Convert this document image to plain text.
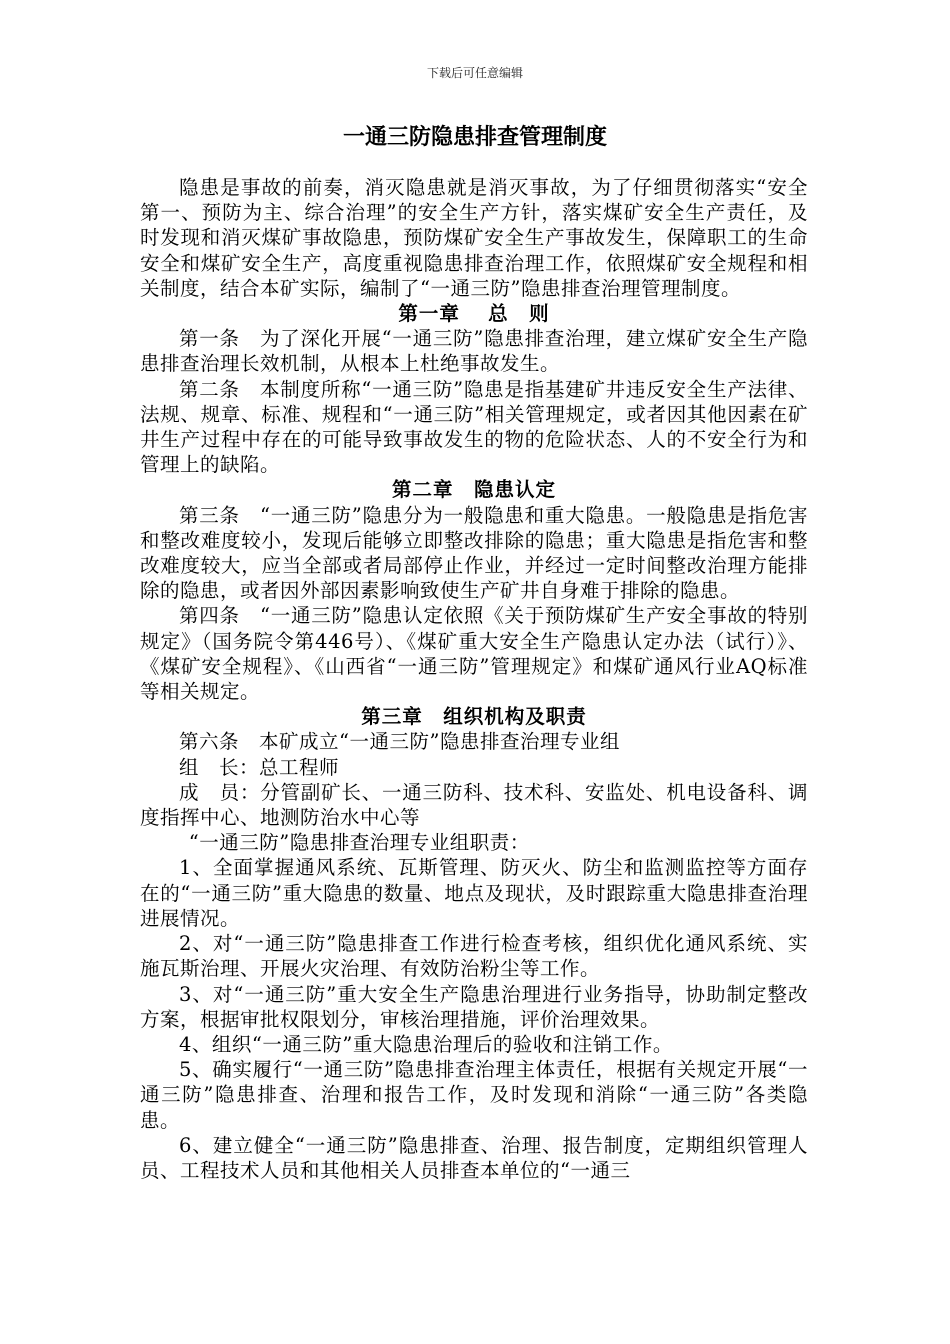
下载后可任意编辑
一通三防隐患排查管理制度

隐患是事故的前奏，消灭隐患就是消灭事故，为了仔细贯彻落实“安全第一、预防为主、综合治理”的安全生产方针，落实煤矿安全生产责任，及时发现和消灭煤矿事故隐患，预防煤矿安全生产事故发生，保障职工的生命安全和煤矿安全生产，高度重视隐患排查治理工作，依照煤矿安全规程和相关制度，结合本矿实际，编制了“一通三防”隐患排查治理管理制度。

第一章　 总　则

第一条　为了深化开展“一通三防”隐患排查治理，建立煤矿安全生产隐患排查治理长效机制，从根本上杜绝事故发生。

第二条　本制度所称“一通三防”隐患是指基建矿井违反安全生产法律、法规、规章、标准、规程和“一通三防”相关管理规定，或者因其他因素在矿井生产过程中存在的可能导致事故发生的物的危险状态、人的不安全行为和管理上的缺陷。

第二章　隐患认定

第三条　“一通三防”隐患分为一般隐患和重大隐患。一般隐患是指危害和整改难度较小，发现后能够立即整改排除的隐患；重大隐患是指危害和整改难度较大，应当全部或者局部停止作业，并经过一定时间整改治理方能排除的隐患，或者因外部因素影响致使生产矿井自身难于排除的隐患。

第四条　“一通三防”隐患认定依照《关于预防煤矿生产安全事故的特别规定》（国务院令第446号）、《煤矿重大安全生产隐患认定办法（试行）》、《煤矿安全规程》、《山西省“一通三防”管理规定》和煤矿通风行业AQ标准等相关规定。

第三章　组织机构及职责

第六条　本矿成立“一通三防”隐患排查治理专业组

组　长：总工程师

成　员：分管副矿长、一通三防科、技术科、安监处、机电设备科、调度指挥中心、地测防治水中心等

“一通三防”隐患排查治理专业组职责：

1、全面掌握通风系统、瓦斯管理、防灭火、防尘和监测监控等方面存在的“一通三防”重大隐患的数量、地点及现状，及时跟踪重大隐患排查治理进展情况。

2、对“一通三防”隐患排查工作进行检查考核，组织优化通风系统、实施瓦斯治理、开展火灾治理、有效防治粉尘等工作。

3、对“一通三防”重大安全生产隐患治理进行业务指导，协助制定整改方案，根据审批权限划分，审核治理措施，评价治理效果。

4、组织“一通三防”重大隐患治理后的验收和注销工作。

5、确实履行“一通三防”隐患排查治理主体责任，根据有关规定开展“一通三防”隐患排查、治理和报告工作，及时发现和消除“一通三防”各类隐患。

6、建立健全“一通三防”隐患排查、治理、报告制度，定期组织管理人员、工程技术人员和其他相关人员排查本单位的“一通三
